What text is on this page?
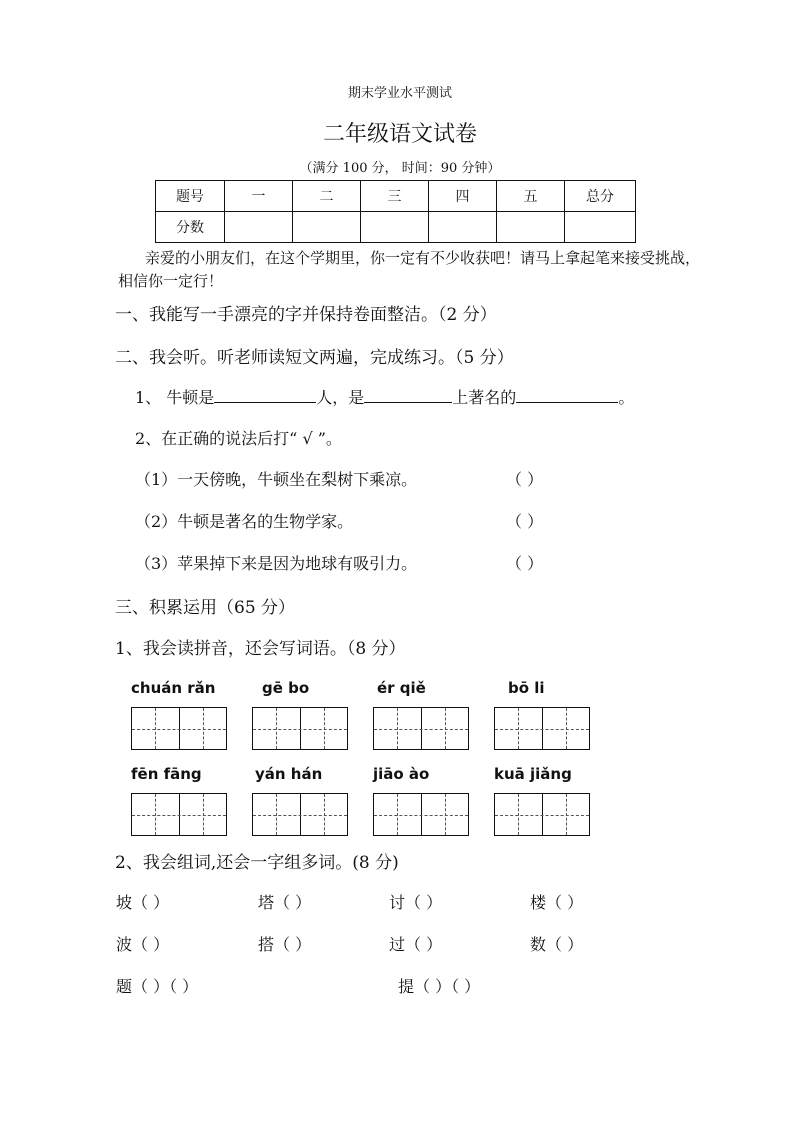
期末学业水平测试
二年级语文试卷
（满分 100 分， 时间：90 分钟）
题号	一	二	三	四	五	总分
分数						
亲爱的小朋友们，在这个学期里，你一定有不少收获吧！请马上拿起笔来接受挑战，
相信你一定行！
一、我能写一手漂亮的字并保持卷面整洁。（2 分）
二、我会听。听老师读短文两遍，完成练习。（5 分）
1、 牛顿是	人，是	上著名的	。
2、在正确的说法后打“ √ ”。
（1）一天傍晚，牛顿坐在梨树下乘凉。	（ ）
（2）牛顿是著名的生物学家。	（ ）
（3）苹果掉下来是因为地球有吸引力。	（ ）
三、积累运用（65 分）
1、我会读拼音，还会写词语。（8 分）
chuán rǎn	gē bo	ér qiě	bō li
fēn fāng	yán hán	jiāo ào	kuā jiǎng
2、我会组词,还会一字组多词。(8 分)
坡（ ）	塔（ ）	讨（ ）	楼（ ）
波（ ）	搭（ ）	过（ ）	数（ ）
题（ ）（ ）	提（ ）（ ）
